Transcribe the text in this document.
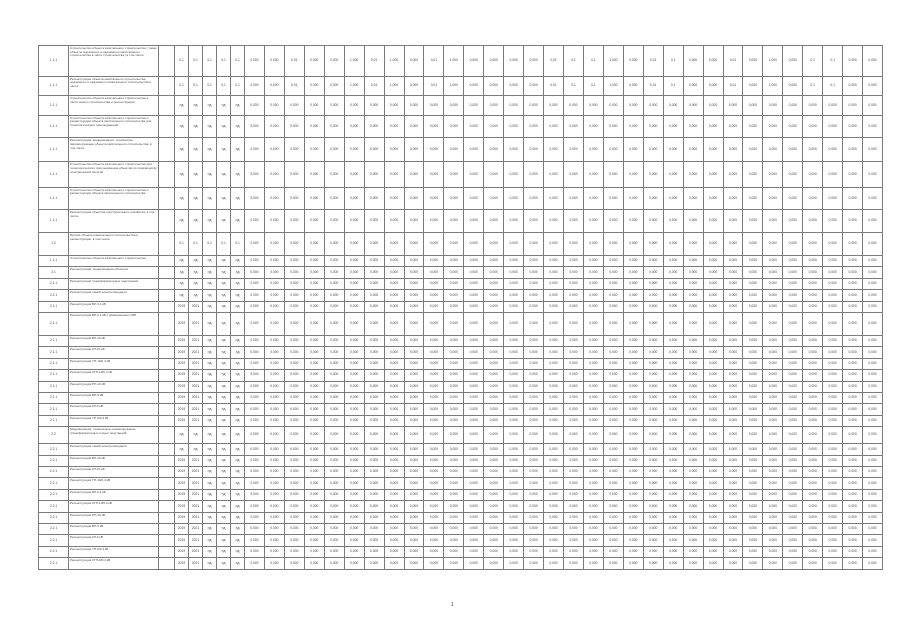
1.1.1	Строительство объекта капитального строительства ( также объекты подземного и надземного капитального строительства в части строительства ) в том числе		0,1	0,1	0,1	0,1	0,1	0,000	0,000	0,01	0,000	0,000	1,000	0,01	1,000	0,000	0,01	1,000	0,000	0,000	0,000	0,000	0,01	0,1	0,1	1,000	0,000	0,01	0,1	0,000	0,000	0,01	0,000	1,000	0,000	0,1	0,1	0,000	0,000
1.1.1	Реконструкция объекта капитального строительства подземного и надземного капитального строительства в части		0,1	0,1	0,1	0,1	0,1	0,000	0,000	0,01	0,000	0,000	1,000	0,01	1,000	0,000	0,01	1,000	0,000	0,000	0,000	0,000	0,01	0,1	0,1	1,000	0,000	0,01	0,1	0,000	0,000	0,01	0,000	1,000	0,000	0,1	0,1	0,000	0,000
1.1.1	Строительство объекта капитального строительства в части нового строительства и реконструкции		нд	нд	нд	нд	нд	0,000	0,000	0,000	0,000	0,000	0,000	0,000	0,000	0,000	0,000	0,000	0,000	0,000	0,000	0,000	0,000	0,000	0,000	0,000	0,000	0,000	0,000	0,000	0,000	0,000	0,000	0,000	0,000	0,000	0,000	0,000	0,000
1.1.1	Строительство объекта капитального строительства и реконструкция объекта капитального строительства для технологического присоединения		нд	нд	нд	нд	нд	0,000	0,000	0,000	0,000	0,000	0,000	0,000	0,000	0,000	0,000	0,000	0,000	0,000	0,000	0,000	0,000	0,000	0,000	0,000	0,000	0,000	0,000	0,000	0,000	0,000	0,000	0,000	0,000	0,000	0,000	0,000	0,000
1.1.1	Реконструкция, модернизация, техническое перевооружение объекта капитального строительства, в том числе		нд	нд	нд	нд	нд	0,000	0,000	0,000	0,000	0,000	0,000	0,000	0,000	0,000	0,000	0,000	0,000	0,000	0,000	0,000	0,000	0,000	0,000	0,000	0,000	0,000	0,000	0,000	0,000	0,000	0,000	0,000	0,000	0,000	0,000	0,000	0,000
1.1.1	Строительство объекта капитального строительства для технологического присоединения объектов по производству электрической энергии		нд	нд	нд	нд	нд	0,000	0,000	0,000	0,000	0,000	0,000	0,000	0,000	0,000	0,000	0,000	0,000	0,000	0,000	0,000	0,000	0,000	0,000	0,000	0,000	0,000	0,000	0,000	0,000	0,000	0,000	0,000	0,000	0,000	0,000	0,000	0,000
1.1.1	Строительство объекта капитального строительства и реконструкция объекта капитального строительства		нд	нд	нд	нд	нд	0,000	0,000	0,000	0,000	0,000	0,000	0,000	0,000	0,000	0,000	0,000	0,000	0,000	0,000	0,000	0,000	0,000	0,000	0,000	0,000	0,000	0,000	0,000	0,000	0,000	0,000	0,000	0,000	0,000	0,000	0,000	0,000
1.1.1	Реконструкция объектов электросетевого хозяйства, в том числе		нд	нд	нд	нд	нд	0,000	0,000	0,000	0,000	0,000	0,000	0,000	0,000	0,000	0,000	0,000	0,000	0,000	0,000	0,000	0,000	0,000	0,000	0,000	0,000	0,000	0,000	0,000	0,000	0,000	0,000	0,000	0,000	0,000	0,000	0,000	0,000
1.2	Прочие объекты капитального строительства и реконструкции, в том числе		0,1	0,1	0,1	0,1	0,1	0,000	0,000	0,000	0,000	0,000	0,000	0,000	0,000	0,000	0,000	0,000	0,000	0,000	0,000	0,000	0,000	0,000	0,000	0,000	0,000	0,000	0,000	0,000	0,000	0,000	0,000	0,000	0,000	0,000	0,000	0,000	0,000
1.1.1	Строительство объекта капитального строительства		нд	нд	нд	нд	нд	0,000	0,000	0,000	0,000	0,000	0,000	0,000	0,000	0,000	0,000	0,000	0,000	0,000	0,000	0,000	0,000	0,000	0,000	0,000	0,000	0,000	0,000	0,000	0,000	0,000	0,000	0,000	0,000	0,000	0,000	0,000	0,000
2.1	Реконструкция, модернизация объектов		нд	нд	нд	нд	нд	0,000	0,000	0,000	0,000	0,000	0,000	0,000	0,000	0,000	0,000	0,000	0,000	0,000	0,000	0,000	0,000	0,000	0,000	0,000	0,000	0,000	0,000	0,000	0,000	0,000	0,000	0,000	0,000	0,000	0,000	0,000	0,000
2.1.1	Реконструкция трансформаторных подстанций		нд	нд	нд	нд	нд	0,000	0,000	0,000	0,000	0,000	0,000	0,000	0,000	0,000	0,000	0,000	0,000	0,000	0,000	0,000	0,000	0,000	0,000	0,000	0,000	0,000	0,000	0,000	0,000	0,000	0,000	0,000	0,000	0,000	0,000	0,000	0,000
2.1.1	Реконструкция линий электропередачи		нд	нд	нд	нд	нд	0,000	0,000	0,000	0,000	0,000	0,000	0,000	0,000	0,000	0,000	0,000	0,000	0,000	0,000	0,000	0,000	0,000	0,000	0,000	0,000	0,000	0,000	0,000	0,000	0,000	0,000	0,000	0,000	0,000	0,000	0,000	0,000
2.1.1	Реконструкция ВЛ-0,4 кВ		2019	2021	нд	нд	нд	0,000	0,000	0,000	0,000	0,000	0,000	0,000	0,000	0,000	0,000	0,000	0,000	0,000	0,000	0,000	0,000	0,000	0,000	0,000	0,000	0,000	0,000	0,000	0,000	0,000	0,000	0,000	0,000	0,000	0,000	0,000	0,000
2.1.1	Реконструкция ВЛ-0,4 кВ с применением СИП		2019	2021	нд	нд	нд	0,000	0,000	0,000	0,000	0,000	0,000	0,000	0,000	0,000	0,000	0,000	0,000	0,000	0,000	0,000	0,000	0,000	0,000	0,000	0,000	0,000	0,000	0,000	0,000	0,000	0,000	0,000	0,000	0,000	0,000	0,000	0,000
2.1.1	Реконструкция ВЛ-10 кВ		2019	2021	нд	нд	нд	0,000	0,000	0,000	0,000	0,000	0,000	0,000	0,000	0,000	0,000	0,000	0,000	0,000	0,000	0,000	0,000	0,000	0,000	0,000	0,000	0,000	0,000	0,000	0,000	0,000	0,000	0,000	0,000	0,000	0,000	0,000	0,000
2.1.1	Реконструкция КЛ-10 кВ		2019	2021	нд	нд	нд	0,000	0,000	0,000	0,000	0,000	0,000	0,000	0,000	0,000	0,000	0,000	0,000	0,000	0,000	0,000	0,000	0,000	0,000	0,000	0,000	0,000	0,000	0,000	0,000	0,000	0,000	0,000	0,000	0,000	0,000	0,000	0,000
2.1.1	Реконструкция ТП-10/0,4 кВ		2019	2021	нд	нд	нд	0,000	0,000	0,000	0,000	0,000	0,000	0,000	0,000	0,000	0,000	0,000	0,000	0,000	0,000	0,000	0,000	0,000	0,000	0,000	0,000	0,000	0,000	0,000	0,000	0,000	0,000	0,000	0,000	0,000	0,000	0,000	0,000
2.1.1	Реконструкция КТП-10/0,4 кВ		2019	2021	нд	нд	нд	0,000	0,000	0,000	0,000	0,000	0,000	0,000	0,000	0,000	0,000	0,000	0,000	0,000	0,000	0,000	0,000	0,000	0,000	0,000	0,000	0,000	0,000	0,000	0,000	0,000	0,000	0,000	0,000	0,000	0,000	0,000	0,000
2.1.1	Реконструкция РП-10 кВ		2019	2021	нд	нд	нд	0,000	0,000	0,000	0,000	0,000	0,000	0,000	0,000	0,000	0,000	0,000	0,000	0,000	0,000	0,000	0,000	0,000	0,000	0,000	0,000	0,000	0,000	0,000	0,000	0,000	0,000	0,000	0,000	0,000	0,000	0,000	0,000
2.1.1	Реконструкция ВЛ-6 кВ		2019	2021	нд	нд	нд	0,000	0,000	0,000	0,000	0,000	0,000	0,000	0,000	0,000	0,000	0,000	0,000	0,000	0,000	0,000	0,000	0,000	0,000	0,000	0,000	0,000	0,000	0,000	0,000	0,000	0,000	0,000	0,000	0,000	0,000	0,000	0,000
2.1.1	Реконструкция КЛ-6 кВ		2019	2021	нд	нд	нд	0,000	0,000	0,000	0,000	0,000	0,000	0,000	0,000	0,000	0,000	0,000	0,000	0,000	0,000	0,000	0,000	0,000	0,000	0,000	0,000	0,000	0,000	0,000	0,000	0,000	0,000	0,000	0,000	0,000	0,000	0,000	0,000
2.1.1	Реконструкция ТП-6/0,4 кВ		2019	2021	нд	нд	нд	0,000	0,000	0,000	0,000	0,000	0,000	0,000	0,000	0,000	0,000	0,000	0,000	0,000	0,000	0,000	0,000	0,000	0,000	0,000	0,000	0,000	0,000	0,000	0,000	0,000	0,000	0,000	0,000	0,000	0,000	0,000	0,000
2.2	Модернизация, техническое перевооружение трансформаторных и иных подстанций		нд	нд	нд	нд	нд	0,000	0,000	0,000	0,000	0,000	0,000	0,000	0,000	0,000	0,000	0,000	0,000	0,000	0,000	0,000	0,000	0,000	0,000	0,000	0,000	0,000	0,000	0,000	0,000	0,000	0,000	0,000	0,000	0,000	0,000	0,000	0,000
2.2.1	Реконструкция линий электропередачи		нд	нд	нд	нд	нд	0,000	0,000	0,000	0,000	0,000	0,000	0,000	0,000	0,000	0,000	0,000	0,000	0,000	0,000	0,000	0,000	0,000	0,000	0,000	0,000	0,000	0,000	0,000	0,000	0,000	0,000	0,000	0,000	0,000	0,000	0,000	0,000
2.2.1	Реконструкция ВЛ-10 кВ		2019	2021	нд	нд	нд	0,000	0,000	0,000	0,000	0,000	0,000	0,000	0,000	0,000	0,000	0,000	0,000	0,000	0,000	0,000	0,000	0,000	0,000	0,000	0,000	0,000	0,000	0,000	0,000	0,000	0,000	0,000	0,000	0,000	0,000	0,000	0,000
2.2.1	Реконструкция КЛ-10 кВ		2019	2021	нд	нд	нд	0,000	0,000	0,000	0,000	0,000	0,000	0,000	0,000	0,000	0,000	0,000	0,000	0,000	0,000	0,000	0,000	0,000	0,000	0,000	0,000	0,000	0,000	0,000	0,000	0,000	0,000	0,000	0,000	0,000	0,000	0,000	0,000
2.2.1	Реконструкция ТП-10/0,4 кВ		2019	2021	нд	нд	нд	0,000	0,000	0,000	0,000	0,000	0,000	0,000	0,000	0,000	0,000	0,000	0,000	0,000	0,000	0,000	0,000	0,000	0,000	0,000	0,000	0,000	0,000	0,000	0,000	0,000	0,000	0,000	0,000	0,000	0,000	0,000	0,000
2.2.1	Реконструкция ВЛ-0,4 кВ		2019	2021	нд	нд	нд	0,000	0,000	0,000	0,000	0,000	0,000	0,000	0,000	0,000	0,000	0,000	0,000	0,000	0,000	0,000	0,000	0,000	0,000	0,000	0,000	0,000	0,000	0,000	0,000	0,000	0,000	0,000	0,000	0,000	0,000	0,000	0,000
2.2.1	Реконструкция КТП-10/0,4 кВ		2019	2021	нд	нд	нд	0,000	0,000	0,000	0,000	0,000	0,000	0,000	0,000	0,000	0,000	0,000	0,000	0,000	0,000	0,000	0,000	0,000	0,000	0,000	0,000	0,000	0,000	0,000	0,000	0,000	0,000	0,000	0,000	0,000	0,000	0,000	0,000
2.2.1	Реконструкция РП-10 кВ		2019	2021	нд	нд	нд	0,000	0,000	0,000	0,000	0,000	0,000	0,000	0,000	0,000	0,000	0,000	0,000	0,000	0,000	0,000	0,000	0,000	0,000	0,000	0,000	0,000	0,000	0,000	0,000	0,000	0,000	0,000	0,000	0,000	0,000	0,000	0,000
2.2.1	Реконструкция ВЛ-6 кВ		2019	2021	нд	нд	нд	0,000	0,000	0,000	0,000	0,000	0,000	0,000	0,000	0,000	0,000	0,000	0,000	0,000	0,000	0,000	0,000	0,000	0,000	0,000	0,000	0,000	0,000	0,000	0,000	0,000	0,000	0,000	0,000	0,000	0,000	0,000	0,000
2.2.1	Реконструкция КЛ-6 кВ		2019	2021	нд	нд	нд	0,000	0,000	0,000	0,000	0,000	0,000	0,000	0,000	0,000	0,000	0,000	0,000	0,000	0,000	0,000	0,000	0,000	0,000	0,000	0,000	0,000	0,000	0,000	0,000	0,000	0,000	0,000	0,000	0,000	0,000	0,000	0,000
2.2.1	Реконструкция ТП-6/0,4 кВ		2019	2021	нд	нд	нд	0,000	0,000	0,000	0,000	0,000	0,000	0,000	0,000	0,000	0,000	0,000	0,000	0,000	0,000	0,000	0,000	0,000	0,000	0,000	0,000	0,000	0,000	0,000	0,000	0,000	0,000	0,000	0,000	0,000	0,000	0,000	0,000
2.2.1	Реконструкция КТП-6/0,4 кВ		2019	2021	нд	нд	нд	0,000	0,000	0,000	0,000	0,000	0,000	0,000	0,000	0,000	0,000	0,000	0,000	0,000	0,000	0,000	0,000	0,000	0,000	0,000	0,000	0,000	0,000	0,000	0,000	0,000	0,000	0,000	0,000	0,000	0,000	0,000	0,000
1
